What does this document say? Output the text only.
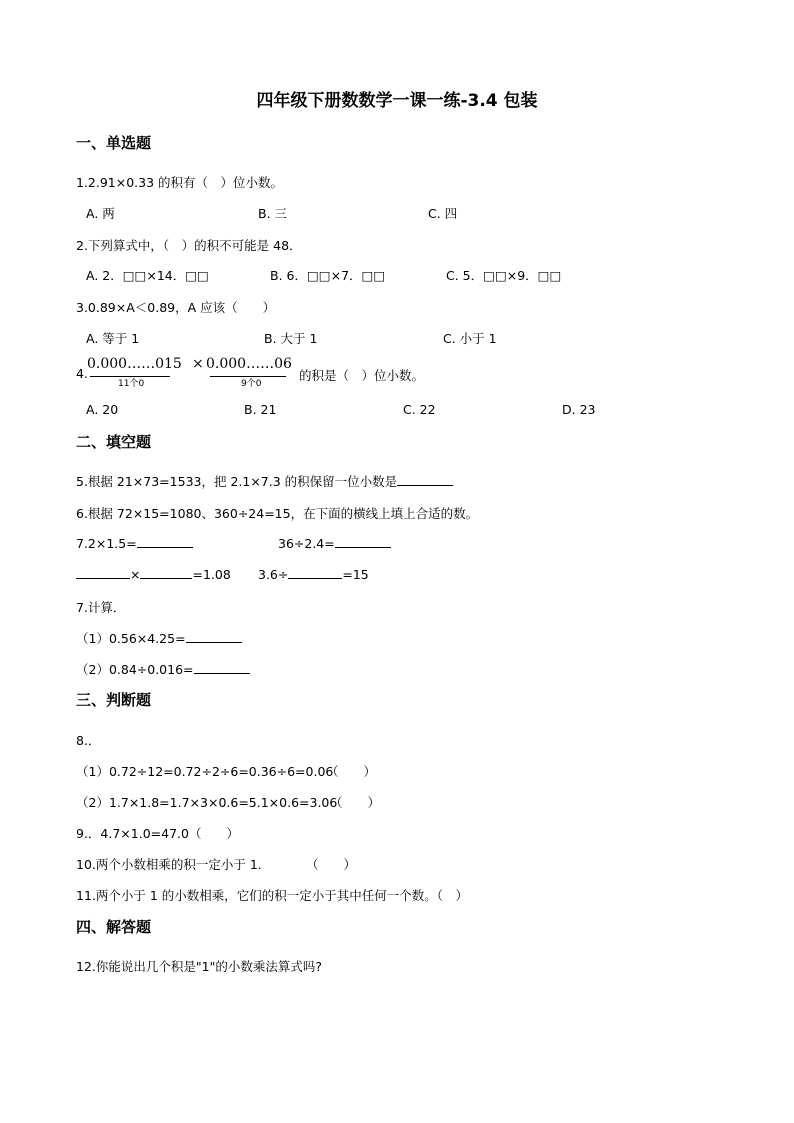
四年级下册数数学一课一练-3.4 包装
一、单选题
1.2.91×0.33 的积有（　）位小数。
A. 两	B. 三	C. 四
2.下列算式中，（　）的积不可能是 48．
A. 2．□□×14．□□	B. 6．□□×7．□□	C. 5．□□×9．□□
3.0.89×A＜0.89，A 应该（　　）
A. 等于 1	B. 大于 1	C. 小于 1
4.
0.000……015
11个0
× 0.000……06
9个0
的积是（　）位小数。
A. 20	B. 21	C. 22	D. 23
二、填空题
5.根据 21×73=1533，把 2.1×7.3 的积保留一位小数是
6.根据 72×15=1080、360÷24=15，在下面的横线上填上合适的数。
7.2×1.5=	36÷2.4=
×	=1.08 3.6÷	=15
7.计算．
（1）0.56×4.25=
（2）0.84÷0.016=
三、判断题
8.．
（1）0.72÷12=0.72÷2÷6=0.36÷6=0.06
（　　）
（2）1.7×1.8=1.7×3×0.6=5.1×0.6=3.06
（　　）
9.．4.7×1.0=47.0（　　）
10.两个小数相乘的积一定小于 1.	（　　）
11.两个小于 1 的小数相乘，它们的积一定小于其中任何一个数。（　）
四、解答题
12.你能说出几个积是"1"的小数乘法算式吗?
